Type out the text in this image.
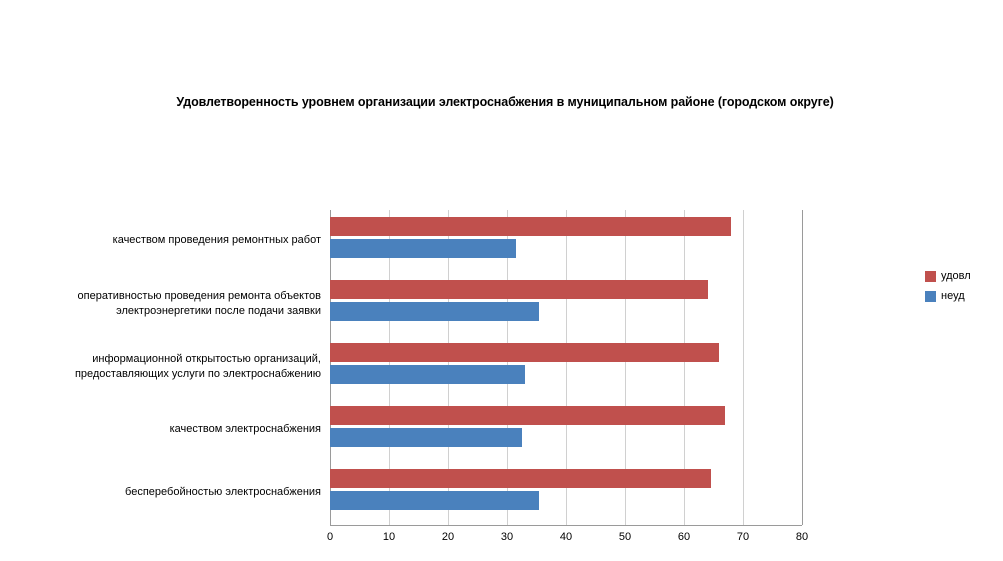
Удовлетворенность уровнем организации электроснабжения в муниципальном районе (городском округе)
0	10	20	30	40	50	60	70	80
качеством проведения ремонтных работ
оперативностью проведения ремонта объектов
электроэнергетики после подачи заявки
информационной открытостью организаций,
предоставляющих услуги по электроснабжению
качеством электроснабжения
бесперебойностью электроснабжения
удовл
неуд
